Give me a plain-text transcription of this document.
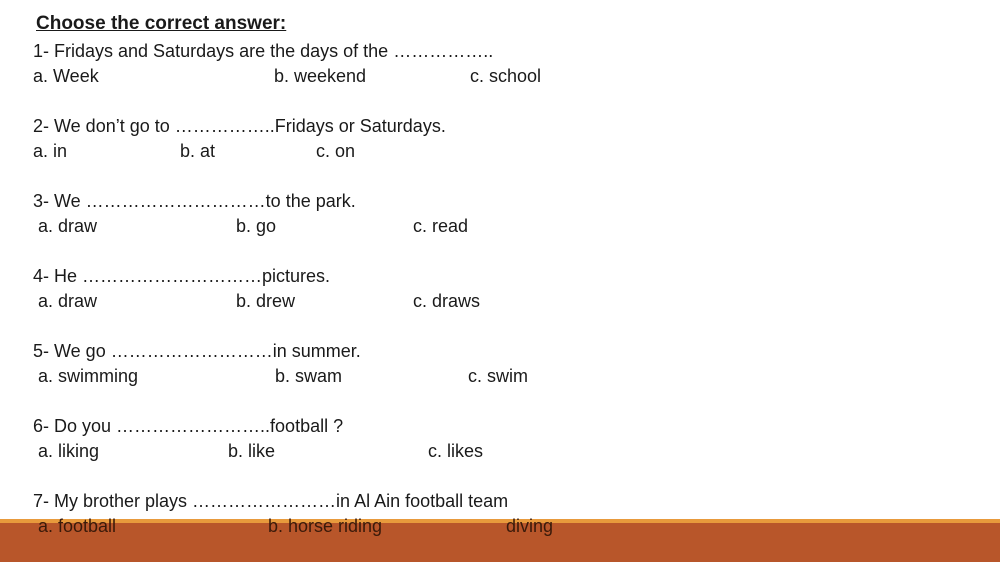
Choose the correct answer:
1- Fridays and Saturdays are the days of the ……………..
a. Week	b. weekend	c. school
2- We don’t go to ……………..Fridays or Saturdays.
a. in	b. at	c. on
3- We …………………………to the park.
a. draw	b. go	c. read
4- He …………………………pictures.
a. draw	b. drew	c. draws
5- We go ………………………in summer.
a. swimming	b. swam	c. swim
6- Do you ……………………..football ?
a. liking	b. like	c. likes
7- My brother plays ……………………in Al Ain football team
a. football	b. horse riding	diving
